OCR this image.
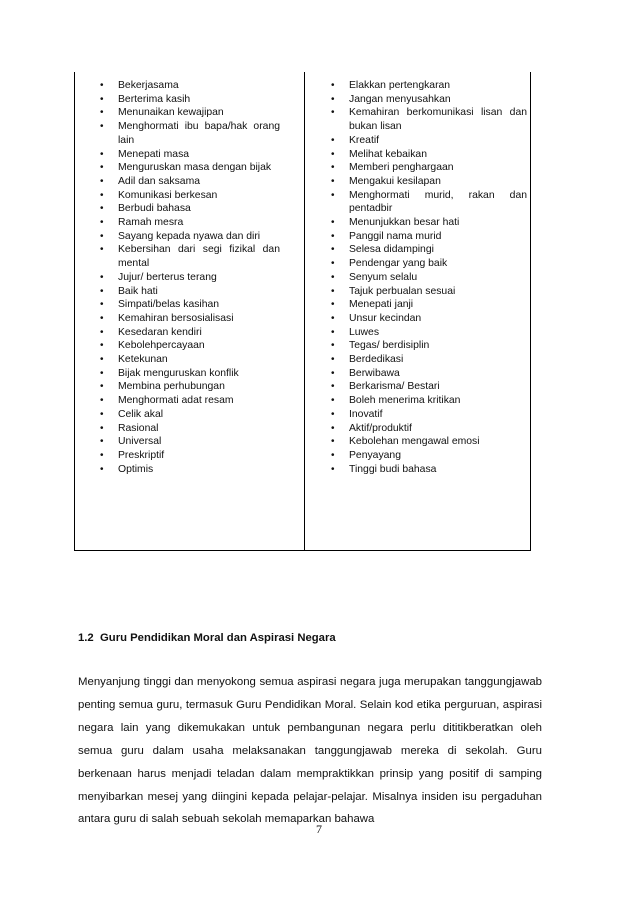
• Bekerjasama
• Berterima kasih
• Menunaikan kewajipan
• Menghormati ibu bapa/hak orang lain
• Menepati masa
• Menguruskan masa dengan bijak
• Adil dan saksama
• Komunikasi berkesan
• Berbudi bahasa
• Ramah mesra
• Sayang kepada nyawa dan diri
• Kebersihan dari segi fizikal dan mental
• Jujur/ berterus terang
• Baik hati
• Simpati/belas kasihan
• Kemahiran bersosialisasi
• Kesedaran kendiri
• Kebolehpercayaan
• Ketekunan
• Bijak menguruskan konflik
• Membina perhubungan
• Menghormati adat resam
• Celik akal
• Rasional
• Universal
• Preskriptif
• Optimis
• Elakkan pertengkaran
• Jangan menyusahkan
• Kemahiran berkomunikasi lisan dan bukan lisan
• Kreatif
• Melihat kebaikan
• Memberi penghargaan
• Mengakui kesilapan
• Menghormati murid, rakan dan pentadbir
• Menunjukkan besar hati
• Panggil nama murid
• Selesa didampingi
• Pendengar yang baik
• Senyum selalu
• Tajuk perbualan sesuai
• Menepati janji
• Unsur kecindan
• Luwes
• Tegas/ berdisiplin
• Berdedikasi
• Berwibawa
• Berkarisma/ Bestari
• Boleh menerima kritikan
• Inovatif
• Aktif/produktif
• Kebolehan mengawal emosi
• Penyayang
• Tinggi budi bahasa
1.2 Guru Pendidikan Moral dan Aspirasi Negara

Menyanjung tinggi dan menyokong semua aspirasi negara juga merupakan tanggungjawab penting semua guru, termasuk Guru Pendidikan Moral. Selain kod etika perguruan, aspirasi negara lain yang dikemukakan untuk pembangunan negara perlu dititikberatkan oleh semua guru dalam usaha melaksanakan tanggungjawab mereka di sekolah. Guru berkenaan harus menjadi teladan dalam mempraktikkan prinsip yang positif di samping menyibarkan mesej yang diingini kepada pelajar-pelajar. Misalnya insiden isu pergaduhan antara guru di salah sebuah sekolah memaparkan bahawa

7
